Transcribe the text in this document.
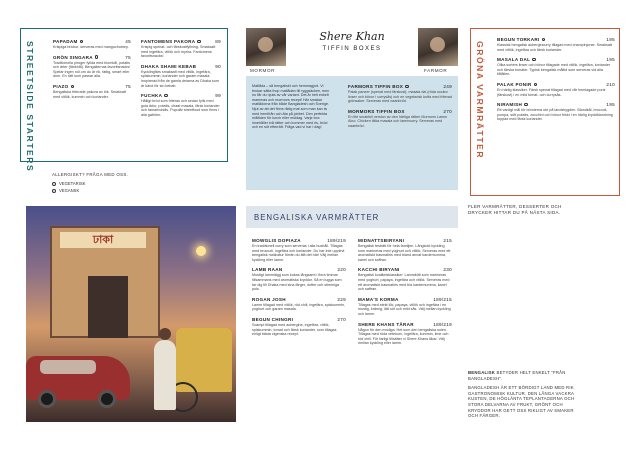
STREETSIDE STARTERS	PAPADAM	45
Krispiga brickor, serveras med mangochutney.
GRÖN SINGARA	75
Traditionella piroger fyllda med blomkål, potatis och ärter (fänkhål). Bengaliernas favoritsnacks! Spelar ingen roll om du är rik, fattig, smart eller dum. En rätt som passar alla.
PIAZO	75
Bengaliska friterade pakora av lök. Smaksatt med vitlök, kummin och koriander.
FANTOMENS PAKORA	89
Krispig spenat- och färskostfyllning. Smaksatt med ingefära, vitlök och myrha. Fantomens favoritsnacks!
DHAKA SHAMI KEBAB	90
Kycklingfärs smaksatt med vitlök, ingefära, spiskummin, koriander och garam masala. Inspirerad från de gamla delarna av Dhaka som är känd för sin kebab.
FUCHKA	99
Hålligt bröd som friteras och sedan fylls med gula ärtor, potatis, chaat masala, färsk koriander och tamarindsås. Populär streetfood som finns i alla gathörn.
ALLERGISKT? FRÅGA MED OSS.
VEGETARISK
VEGANSK
MORMOR
Shere Khan
TIFFIN BOXES
FARMOR
Matlåda – så bengaliskt och hemmagjort. Vi brukar sätta ihop matlådan till ryggsäcken, men nu får du njuta av vår variant. Det är helt enkelt mammas och mormors recept! Här smakar matlådorna från både Bangladesh och Sverige. Njut av att det finns riktig mat som man kan ta med hemifrån och äta på jobbet. Den perfekta måltiden för lunch eller middag. Varje box innehåller två rätter och kommer med ris, bröd och en söt efterrätt. Fråga vad vi har i dag!
FARMORS TIFFIN BOX	249
Palak paneer (spenat med färskost), masala dal (röda sockor linser och bönor i currysås) och en vegetarisk kofta med friterad grönsaker. Serveras med naanbröd.
MORMORS TIFFIN BOX	270
En lite smakfull version av den härliga rätten Mormors Lamm Aloo. Chicken tikka masala och lammcurry. Serveras med naanbröd.	GRÖNA VARMRÄTTER
BEGUN TORKARI	195
Klassisk bengalisk aubergincurry tillagad med champinjoner. Smaksatt med vitlök, ingefära och färsk koriander.
MASALA DAL	195
Olika sorters linser och bönor tillagade med vitlök, ingefära, koriander och färska tomater. Typisk bengalisk måltid som serveras vid alla tillfällen.
PALAK PONIR	210
En härlig klassiker. Färsk spenat tillagad med vår hemlagade ponir (färskost) i en mild tomat- och currysås.
NIRAMISH	195
Ett vanligt mål för bönderna ute på landsbygden. Blandkål, broccoli, pumpa, sött potatis, zucchini och bönor friskt i en härlig kryddblandning toppad med färsk koriander.
ঢাকা
BENGALISKA VARMRÄTTER
MOWGLIS DOPIAZA	189/219
En traditionell curry som serveras i alla hushåll. Tillagas med broccoli, ingefära och koriander. Du har inte upplevt bengalisk matkultur förrän du ätit det här! Välj mellan kyckling eller lamm.
LAMB RAAN	220
Mustigt lammlägg som kokas långsamt i flera timmar tillsammans med aromatiska kryddor. Så en lugga som tar dig till Dhaka med sina färger, dofter och stimmiga puls.
ROGAN JOSH	229
Lamm tillagad med vitlök, röd chili, ingefära, spiskummin, yoghurt och garam masala.
BEGUN CHINGRI	270
Scampi tillagad med aubergine, ingefära, vitlök, spiskummin, tomat och färsk koriander, som tillagas enligt bästa zigenska recept.
MIDNATTSBIRYANI	215
Bengalisk festrätt för hela familjen. Långkokt kyckling som marineras med yoghurt och vitlök. Serveras med ett aromatiskt basmatiris med bland annat kardemumma, kanel och saffran.
KACCHI BIRYANI	230
Bengalisk kvalitetsklassiker. Lammkött som marineras med yoghurt, papaya, ingefära och vitlök. Serveras med ett aromatiskt basmatiris med bla kardemumma, kanel och saffran.
MAMA'S KORMA	189/215
Tillagas med stekt lök, papaya, vitlök och ingefära i en mustig, krämig, lätt söt och mild sås. Välj mellan kyckling och lamm.
SHERE KHANS TÅRAR	189/219
Någon för den modiga. Het som den bengaliska solen. Tillagas med röda vetekorn, ingefära, kummin, lime och röd chili. För farligt tillsätter vi Shere Khans tårar. Välj mellan kyckling eller lamm.
FLER VARMRÄTTER, DESSERTER OCH DRYCKER HITTAR DU PÅ NÄSTA SIDA.
BENGALISK BETYDER HELT ENKELT "FRÅN BANGLADESH".
BANGLADESH ÄR ETT BÖRDIGT LAND MED RIK GASTRONOMISK KULTUR. DEN LÅNGA VACKRA KUSTEN, DE HÖGLÄNTA TEPLANTAGERNA OCH STORA DELVARNA AV FRUKT, GRÖNT OCH KRYDDOR HAR GETT OSS RIKLIGT AV SMAKER OCH FÄRGER.
